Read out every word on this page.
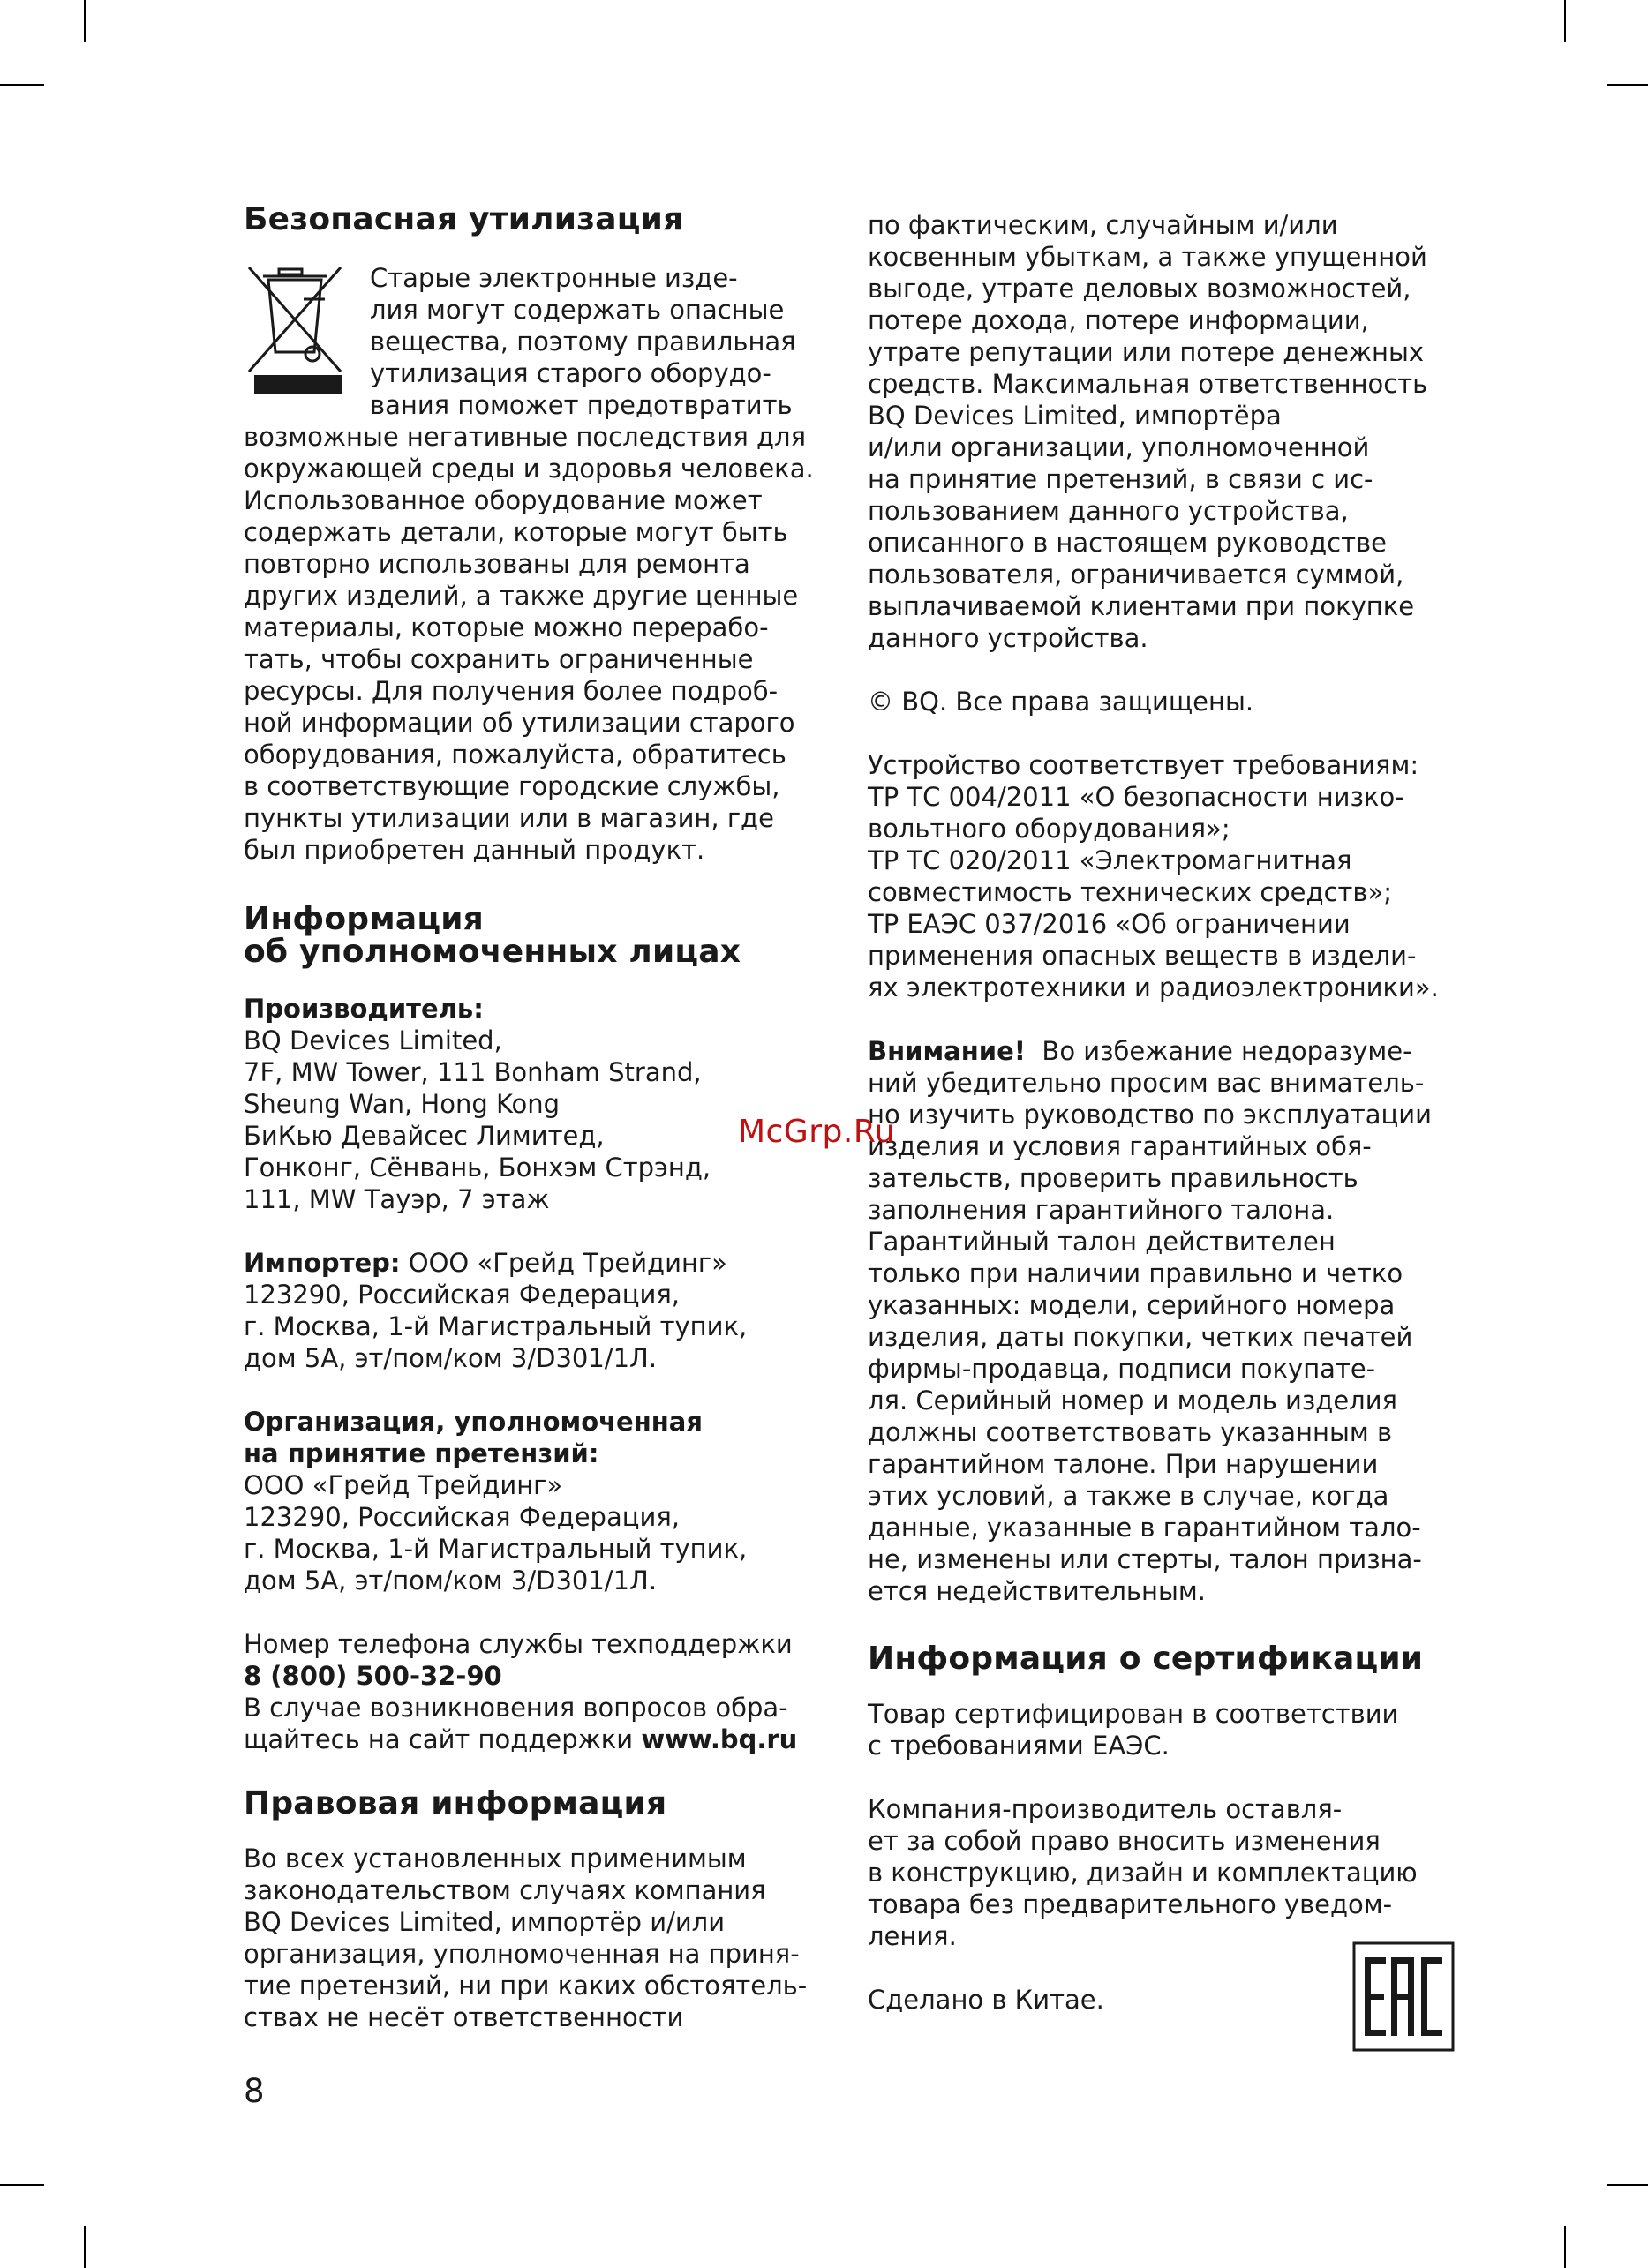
Безопасная утилизация
Старые электронные изде-
лия могут содержать опасные
вещества, поэтому правильная
утилизация старого оборудо-
вания поможет предотвратить
возможные негативные последствия для
окружающей среды и здоровья человека.
Использованное оборудование может
содержать детали, которые могут быть
повторно использованы для ремонта
других изделий, а также другие ценные
материалы, которые можно перерабо-
тать, чтобы сохранить ограниченные
ресурсы. Для получения более подроб-
ной информации об утилизации старого
оборудования, пожалуйста, обратитесь
в соответствующие городские службы,
пункты утилизации или в магазин, где
был приобретен данный продукт.
Информация
об уполномоченных лицах
Производитель:
BQ Devices Limited,
7F, MW Tower, 111 Bonham Strand,
Sheung Wan, Hong Kong
БиКью Девайсес Лимитед,
Гонконг, Сёнвань, Бонхэм Стрэнд,
111, MW Тауэр, 7 этаж
Импортер: ООО «Грейд Трейдинг»
123290, Российская Федерация,
г. Москва, 1-й Магистральный тупик,
дом 5А, эт/пом/ком 3/D301/1Л.
Организация, уполномоченная
на принятие претензий:
ООО «Грейд Трейдинг»
123290, Российская Федерация,
г. Москва, 1-й Магистральный тупик,
дом 5А, эт/пом/ком 3/D301/1Л.
Номер телефона службы техподдержки
8 (800) 500-32-90
В случае возникновения вопросов обра-
щайтесь на сайт поддержки www.bq.ru
Правовая информация
Во всех установленных применимым
законодательством случаях компания
BQ Devices Limited, импортёр и/или
организация, уполномоченная на приня-
тие претензий, ни при каких обстоятель-
ствах не несёт ответственности
по фактическим, случайным и/или
косвенным убыткам, а также упущенной
выгоде, утрате деловых возможностей,
потере дохода, потере информации,
утрате репутации или потере денежных
средств. Максимальная ответственность
BQ Devices Limited, импортёра
и/или организации, уполномоченной
на принятие претензий, в связи с ис-
пользованием данного устройства,
описанного в настоящем руководстве
пользователя, ограничивается суммой,
выплачиваемой клиентами при покупке
данного устройства.
© BQ. Все права защищены.
Устройство соответствует требованиям:
ТР ТС 004/2011 «О безопасности низко-
вольтного оборудования»;
ТР ТС 020/2011 «Электромагнитная
совместимость технических средств»;
ТР ЕАЭС 037/2016 «Об ограничении
применения опасных веществ в издели-
ях электротехники и радиоэлектроники».
Внимание!  Во избежание недоразуме-
ний убедительно просим вас вниматель-
но изучить руководство по эксплуатации
изделия и условия гарантийных обя-
зательств, проверить правильность
заполнения гарантийного талона.
Гарантийный талон действителен
только при наличии правильно и четко
указанных: модели, серийного номера
изделия, даты покупки, четких печатей
фирмы-продавца, подписи покупате-
ля. Серийный номер и модель изделия
должны соответствовать указанным в
гарантийном талоне. При нарушении
этих условий, а также в случае, когда
данные, указанные в гарантийном тало-
не, изменены или стерты, талон призна-
ется недействительным.
Информация о сертификации
Товар сертифицирован в соответствии
с требованиями ЕАЭС.
Компания-производитель оставля-
ет за собой право вносить изменения
в конструкцию, дизайн и комплектацию
товара без предварительного уведом-
ления.
Сделано в Китае.
McGrp.Ru
8
